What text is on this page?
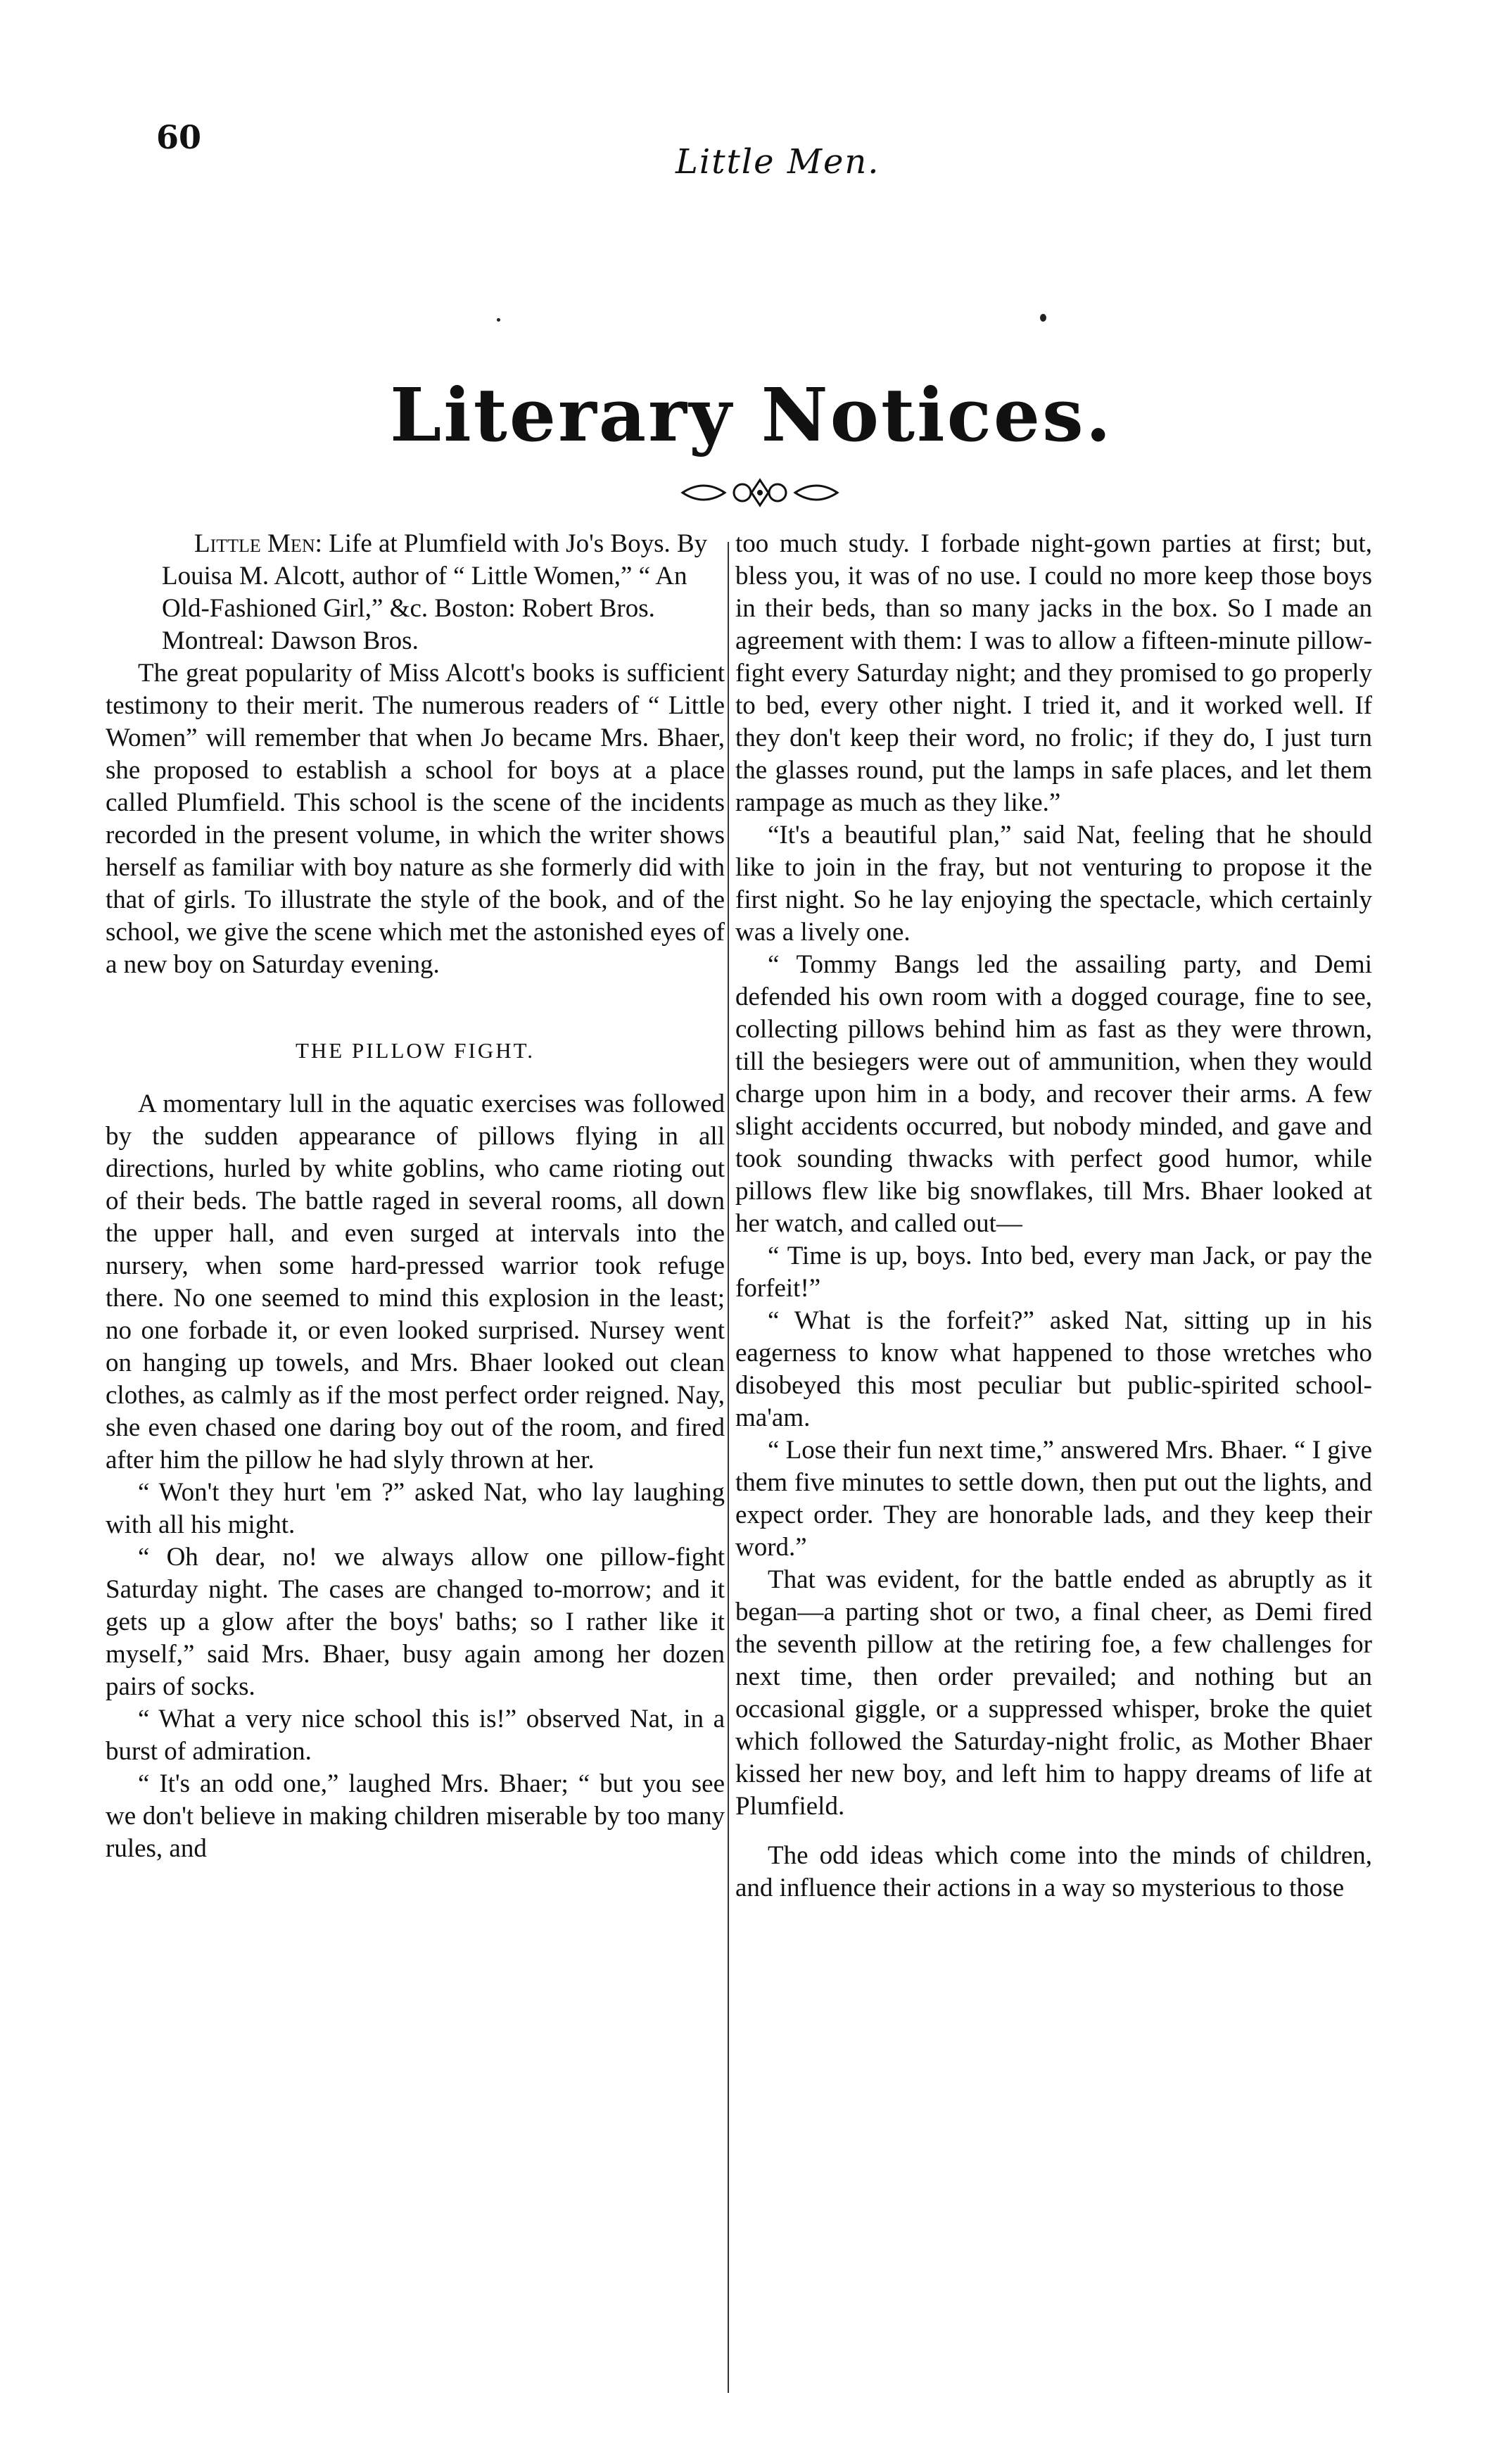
60
Little Men.
Literary Notices.

Little Men: Life at Plumfield with Jo's Boys. By Louisa M. Alcott, author of “ Little Women,” “ An Old-Fashioned Girl,” &c. Boston: Robert Bros. Montreal: Dawson Bros.

The great popularity of Miss Alcott's books is sufficient testimony to their merit. The numerous readers of “ Little Women” will remember that when Jo became Mrs. Bhaer, she proposed to establish a school for boys at a place called Plumfield. This school is the scene of the incidents recorded in the present volume, in which the writer shows herself as familiar with boy nature as she formerly did with that of girls. To illustrate the style of the book, and of the school, we give the scene which met the astonished eyes of a new boy on Saturday evening.

THE PILLOW FIGHT.

A momentary lull in the aquatic exercises was followed by the sudden appearance of pillows flying in all directions, hurled by white goblins, who came rioting out of their beds. The battle raged in several rooms, all down the upper hall, and even surged at intervals into the nursery, when some hard-pressed warrior took refuge there. No one seemed to mind this explosion in the least; no one forbade it, or even looked surprised. Nursey went on hanging up towels, and Mrs. Bhaer looked out clean clothes, as calmly as if the most perfect order reigned. Nay, she even chased one daring boy out of the room, and fired after him the pillow he had slyly thrown at her.

“ Won't they hurt 'em ?” asked Nat, who lay laughing with all his might.

“ Oh dear, no! we always allow one pillow-fight Saturday night. The cases are changed to-morrow; and it gets up a glow after the boys' baths; so I rather like it myself,” said Mrs. Bhaer, busy again among her dozen pairs of socks.

“ What a very nice school this is!” observed Nat, in a burst of admiration.

“ It's an odd one,” laughed Mrs. Bhaer; “ but you see we don't believe in making children miserable by too many rules, and

too much study. I forbade night-gown parties at first; but, bless you, it was of no use. I could no more keep those boys in their beds, than so many jacks in the box. So I made an agreement with them: I was to allow a fifteen-minute pillow-fight every Saturday night; and they promised to go properly to bed, every other night. I tried it, and it worked well. If they don't keep their word, no frolic; if they do, I just turn the glasses round, put the lamps in safe places, and let them rampage as much as they like.”

“It's a beautiful plan,” said Nat, feeling that he should like to join in the fray, but not venturing to propose it the first night. So he lay enjoying the spectacle, which certainly was a lively one.

“ Tommy Bangs led the assailing party, and Demi defended his own room with a dogged courage, fine to see, collecting pillows behind him as fast as they were thrown, till the besiegers were out of ammunition, when they would charge upon him in a body, and recover their arms. A few slight accidents occurred, but nobody minded, and gave and took sounding thwacks with perfect good humor, while pillows flew like big snowflakes, till Mrs. Bhaer looked at her watch, and called out—

“ Time is up, boys. Into bed, every man Jack, or pay the forfeit!”

“ What is the forfeit?” asked Nat, sitting up in his eagerness to know what happened to those wretches who disobeyed this most peculiar but public-spirited school-ma'am.

“ Lose their fun next time,” answered Mrs. Bhaer. “ I give them five minutes to settle down, then put out the lights, and expect order. They are honorable lads, and they keep their word.”

That was evident, for the battle ended as abruptly as it began—a parting shot or two, a final cheer, as Demi fired the seventh pillow at the retiring foe, a few challenges for next time, then order prevailed; and nothing but an occasional giggle, or a suppressed whisper, broke the quiet which followed the Saturday-night frolic, as Mother Bhaer kissed her new boy, and left him to happy dreams of life at Plumfield.

The odd ideas which come into the minds of children, and influence their actions in a way so mysterious to those
